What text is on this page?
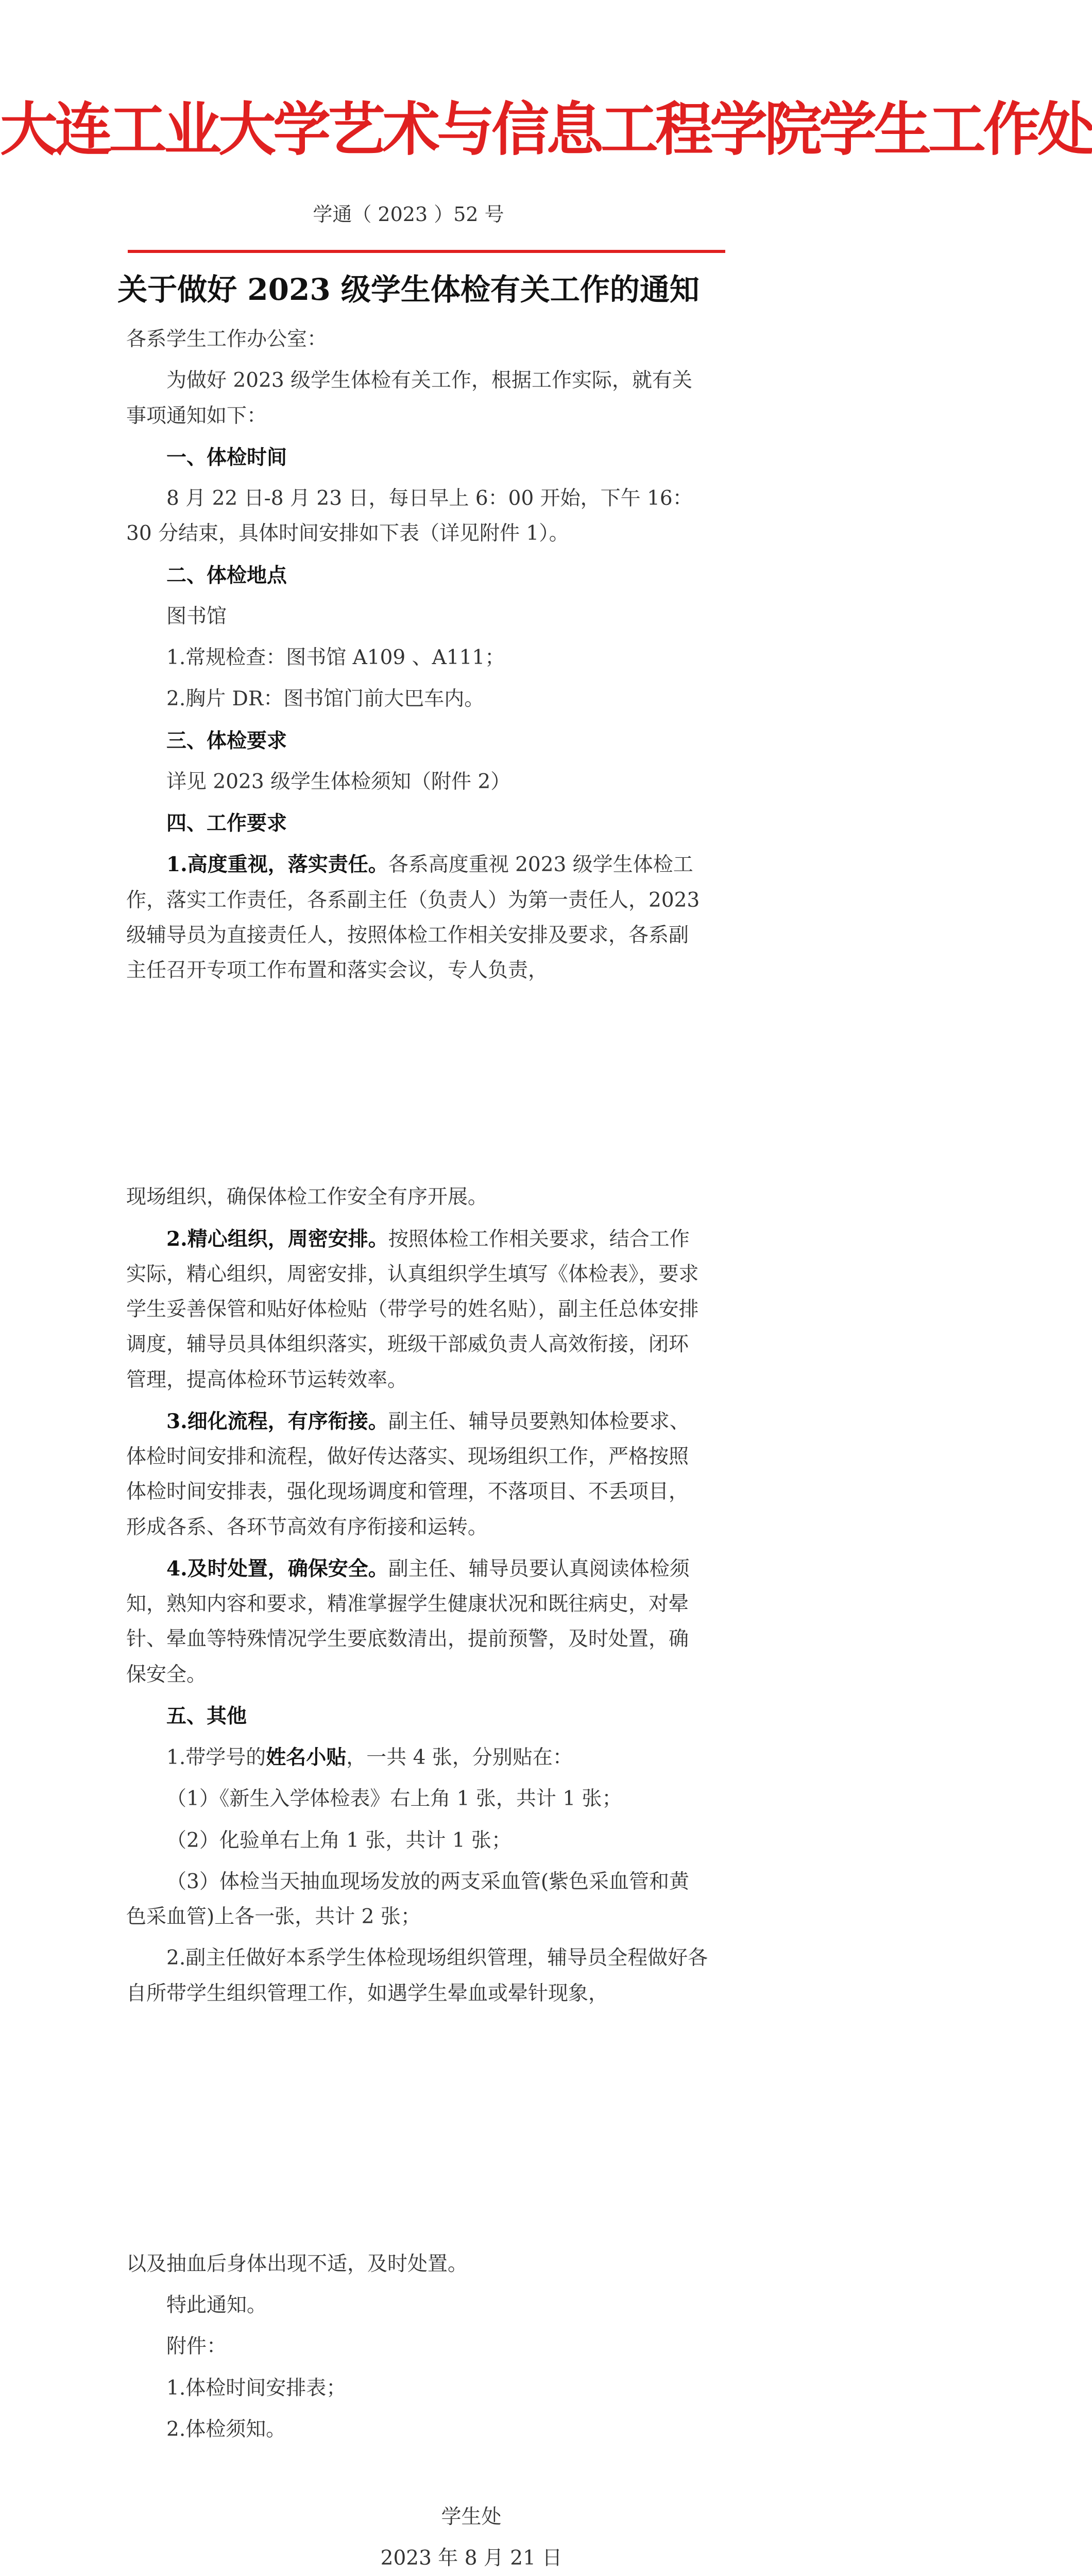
大连工业大学艺术与信息工程学院学生工作处
学通（ 2023 ）52 号
关于做好 2023 级学生体检有关工作的通知

各系学生工作办公室：

为做好 2023 级学生体检有关工作，根据工作实际，就有关事项通知如下：

一、体检时间

8 月 22 日-8 月 23 日，每日早上 6：00 开始，下午 16：30 分结束，具体时间安排如下表（详见附件 1）。

二、体检地点

图书馆

1.常规检查：图书馆 A109 、A111；

2.胸片 DR：图书馆门前大巴车内。

三、体检要求

详见 2023 级学生体检须知（附件 2）

四、工作要求

1.高度重视，落实责任。各系高度重视 2023 级学生体检工作，落实工作责任，各系副主任（负责人）为第一责任人，2023 级辅导员为直接责任人，按照体检工作相关安排及要求，各系副主任召开专项工作布置和落实会议，专人负责，

现场组织，确保体检工作安全有序开展。

2.精心组织，周密安排。按照体检工作相关要求，结合工作实际，精心组织，周密安排，认真组织学生填写《体检表》，要求学生妥善保管和贴好体检贴（带学号的姓名贴），副主任总体安排调度，辅导员具体组织落实，班级干部威负责人高效衔接，闭环管理，提高体检环节运转效率。

3.细化流程，有序衔接。副主任、辅导员要熟知体检要求、体检时间安排和流程，做好传达落实、现场组织工作，严格按照体检时间安排表，强化现场调度和管理，不落项目、不丢项目，形成各系、各环节高效有序衔接和运转。

4.及时处置，确保安全。副主任、辅导员要认真阅读体检须知，熟知内容和要求，精准掌握学生健康状况和既往病史，对晕针、晕血等特殊情况学生要底数清出，提前预警，及时处置，确保安全。

五、其他

1.带学号的姓名小贴，一共 4 张，分别贴在：

（1）《新生入学体检表》右上角 1 张，共计 1 张；

（2）化验单右上角 1 张，共计 1 张；

（3）体检当天抽血现场发放的两支采血管(紫色采血管和黄色采血管)上各一张，共计 2 张；

2.副主任做好本系学生体检现场组织管理，辅导员全程做好各自所带学生组织管理工作，如遇学生晕血或晕针现象，

以及抽血后身体出现不适，及时处置。

特此通知。

附件：

1.体检时间安排表；

2.体检须知。

学生处

2023 年 8 月 21 日
